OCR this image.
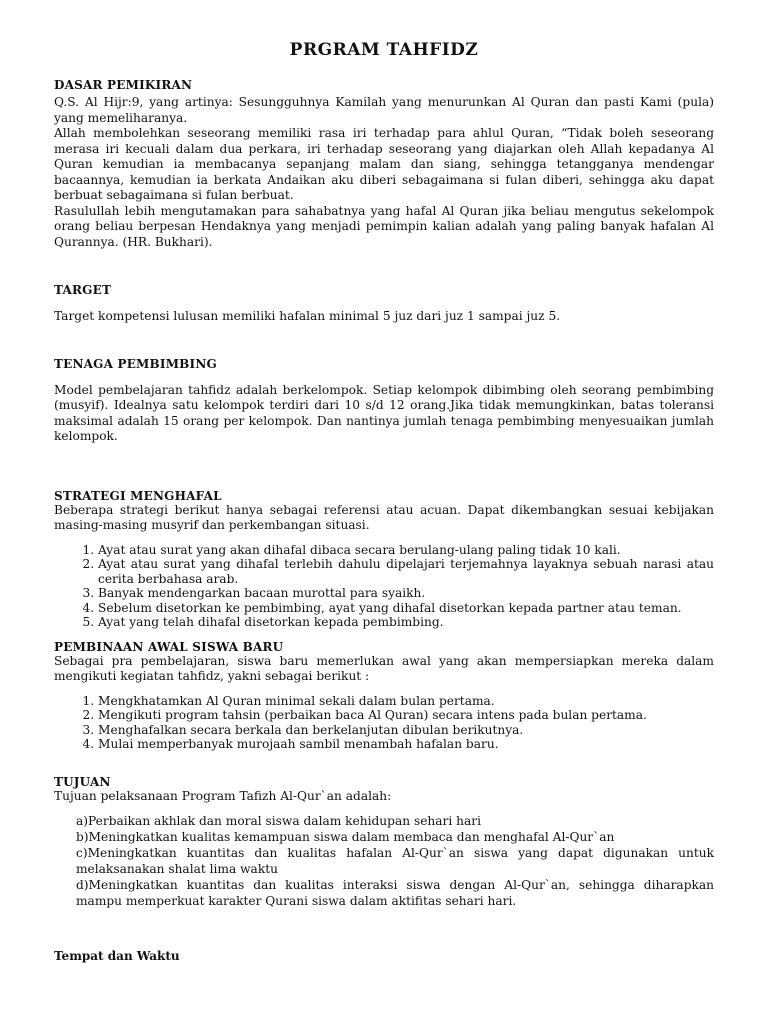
PRGRAM TAHFIDZ
DASAR PEMIKIRAN

Q.S. Al Hijr:9, yang artinya: Sesungguhnya Kamilah yang menurunkan Al Quran dan pasti Kami (pula) yang memeliharanya.

Allah membolehkan seseorang memiliki rasa iri terhadap para ahlul Quran, “Tidak boleh seseorang merasa iri kecuali dalam dua perkara, iri terhadap seseorang yang diajarkan oleh Allah kepadanya Al Quran kemudian ia membacanya sepanjang malam dan siang, sehingga tetangganya mendengar bacaannya, kemudian ia berkata Andaikan aku diberi sebagaimana si fulan diberi, sehingga aku dapat berbuat sebagaimana si fulan berbuat.

Rasulullah lebih mengutamakan para sahabatnya yang hafal Al Quran jika beliau mengutus sekelompok orang beliau berpesan Hendaknya yang menjadi pemimpin kalian adalah yang paling banyak hafalan Al Qurannya. (HR. Bukhari).

TARGET

Target kompetensi lulusan memiliki hafalan minimal 5 juz dari juz 1 sampai juz 5.

TENAGA PEMBIMBING

Model pembelajaran tahfidz adalah berkelompok. Setiap kelompok dibimbing oleh seorang pembimbing (musyif). Idealnya satu kelompok terdiri dari 10 s/d 12 orang.Jika tidak memungkinkan, batas toleransi maksimal adalah 15 orang per kelompok. Dan nantinya jumlah tenaga pembimbing menyesuaikan jumlah kelompok.

STRATEGI MENGHAFAL

Beberapa strategi berikut hanya sebagai referensi atau acuan. Dapat dikembangkan sesuai kebijakan masing-masing musyrif dan perkembangan situasi.

1. Ayat atau surat yang akan dihafal dibaca secara berulang-ulang paling tidak 10 kali.
2. Ayat atau surat yang dihafal terlebih dahulu dipelajari terjemahnya layaknya sebuah narasi atau cerita berbahasa arab.
3. Banyak mendengarkan bacaan murottal para syaikh.
4. Sebelum disetorkan ke pembimbing, ayat yang dihafal disetorkan kepada partner atau teman.
5. Ayat yang telah dihafal disetorkan kepada pembimbing.
PEMBINAAN AWAL SISWA BARU

Sebagai pra pembelajaran, siswa baru memerlukan awal yang akan mempersiapkan mereka dalam mengikuti kegiatan tahfidz, yakni sebagai berikut :

1. Mengkhatamkan Al Quran minimal sekali dalam bulan pertama.
2. Mengikuti program tahsin (perbaikan baca Al Quran) secara intens pada bulan pertama.
3. Menghafalkan secara berkala dan berkelanjutan dibulan berikutnya.
4. Mulai memperbanyak murojaah sambil menambah hafalan baru.
TUJUAN

Tujuan pelaksanaan Program Tafizh Al-Qur`an adalah:

a)Perbaikan akhlak dan moral siswa dalam kehidupan sehari hari
b)Meningkatkan kualitas kemampuan siswa dalam membaca dan menghafal Al-Qur`an
c)Meningkatkan kuantitas dan kualitas hafalan Al-Qur`an siswa yang dapat digunakan untuk melaksanakan shalat lima waktu
d)Meningkatkan kuantitas dan kualitas interaksi siswa dengan Al-Qur`an, sehingga diharapkan mampu memperkuat karakter Qurani siswa dalam aktifitas sehari hari.
Tempat dan Waktu
